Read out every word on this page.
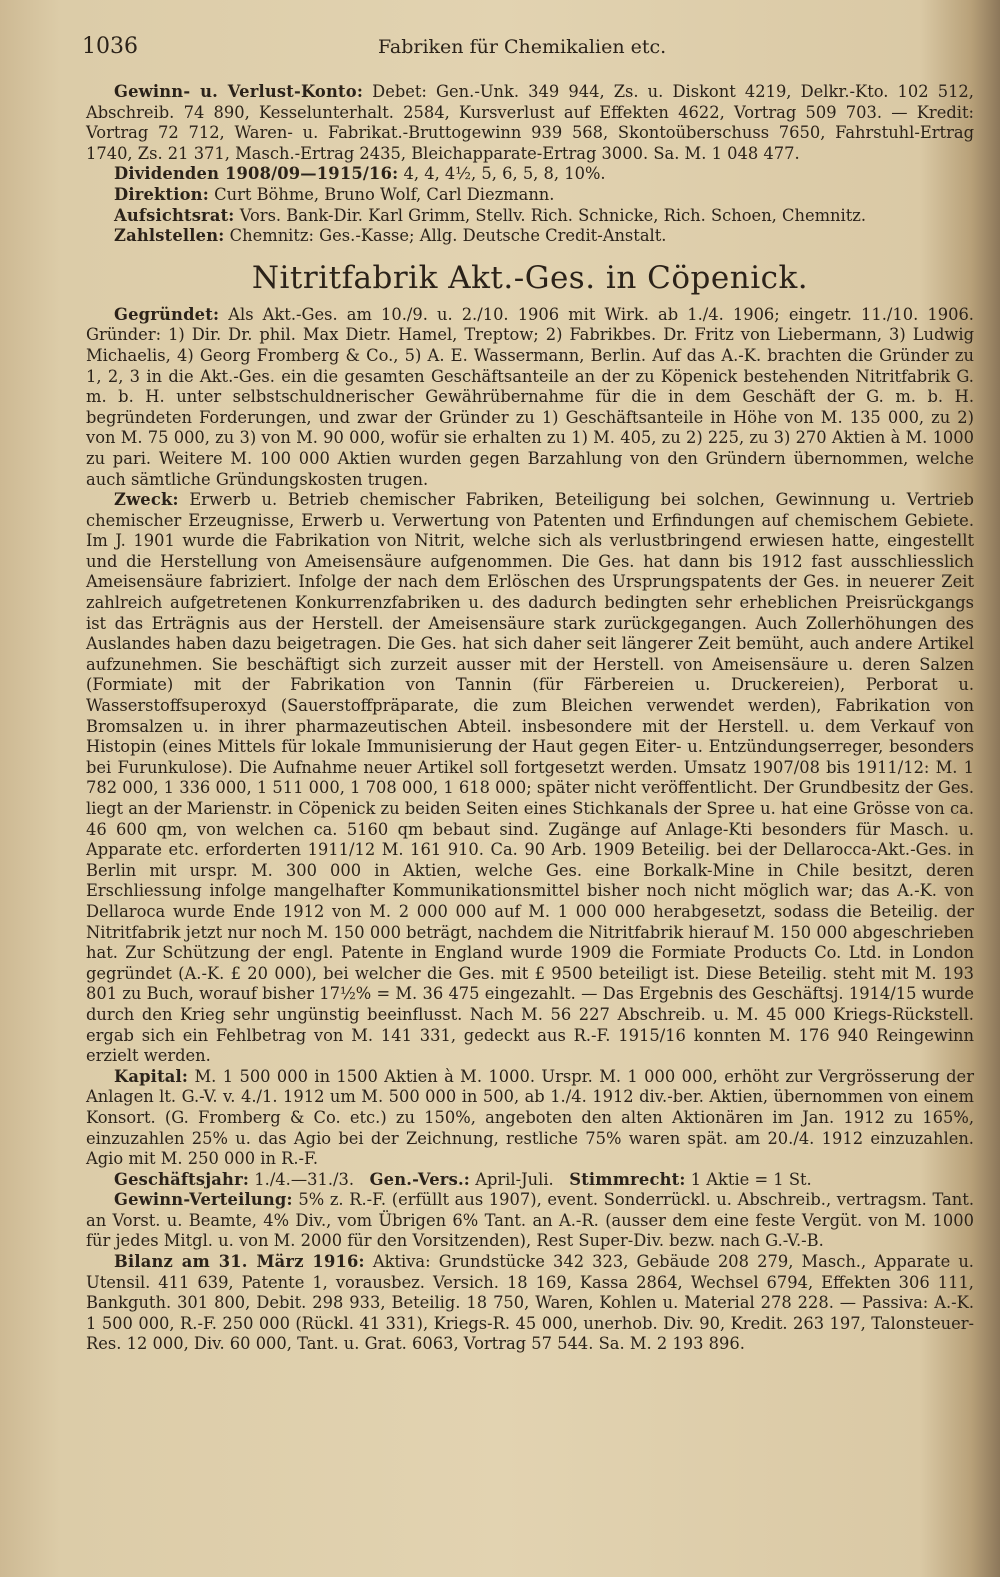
1036	Fabriken für Chemikalien etc.

Gewinn- u. Verlust-Konto: Debet: Gen.-Unk. 349 944, Zs. u. Diskont 4219, Delkr.-Kto. 102 512, Abschreib. 74 890, Kesselunterhalt. 2584, Kursverlust auf Effekten 4622, Vortrag 509 703. — Kredit: Vortrag 72 712, Waren- u. Fabrikat.-Bruttogewinn 939 568, Skontoüberschuss 7650, Fahrstuhl-Ertrag 1740, Zs. 21 371, Masch.-Ertrag 2435, Bleichapparate-Ertrag 3000. Sa. M. 1 048 477.

Dividenden 1908/09—1915/16: 4, 4, 4½, 5, 6, 5, 8, 10%.

Direktion: Curt Böhme, Bruno Wolf, Carl Diezmann.

Aufsichtsrat: Vors. Bank-Dir. Karl Grimm, Stellv. Rich. Schnicke, Rich. Schoen, Chemnitz.

Zahlstellen: Chemnitz: Ges.-Kasse; Allg. Deutsche Credit-Anstalt.

Nitritfabrik Akt.-Ges. in Cöpenick.

Gegründet: Als Akt.-Ges. am 10./9. u. 2./10. 1906 mit Wirk. ab 1./4. 1906; eingetr. 11./10. 1906. Gründer: 1) Dir. Dr. phil. Max Dietr. Hamel, Treptow; 2) Fabrikbes. Dr. Fritz von Liebermann, 3) Ludwig Michaelis, 4) Georg Fromberg & Co., 5) A. E. Wassermann, Berlin. Auf das A.-K. brachten die Gründer zu 1, 2, 3 in die Akt.-Ges. ein die gesamten Geschäftsanteile an der zu Köpenick bestehenden Nitritfabrik G. m. b. H. unter selbstschuldnerischer Gewährübernahme für die in dem Geschäft der G. m. b. H. begründeten Forderungen, und zwar der Gründer zu 1) Geschäftsanteile in Höhe von M. 135 000, zu 2) von M. 75 000, zu 3) von M. 90 000, wofür sie erhalten zu 1) M. 405, zu 2) 225, zu 3) 270 Aktien à M. 1000 zu pari. Weitere M. 100 000 Aktien wurden gegen Barzahlung von den Gründern übernommen, welche auch sämtliche Gründungskosten trugen.

Zweck: Erwerb u. Betrieb chemischer Fabriken, Beteiligung bei solchen, Gewinnung u. Vertrieb chemischer Erzeugnisse, Erwerb u. Verwertung von Patenten und Erfindungen auf chemischem Gebiete. Im J. 1901 wurde die Fabrikation von Nitrit, welche sich als verlustbringend erwiesen hatte, eingestellt und die Herstellung von Ameisensäure aufgenommen. Die Ges. hat dann bis 1912 fast ausschliesslich Ameisensäure fabriziert. Infolge der nach dem Erlöschen des Ursprungspatents der Ges. in neuerer Zeit zahlreich aufgetretenen Konkurrenzfabriken u. des dadurch bedingten sehr erheblichen Preisrückgangs ist das Erträgnis aus der Herstell. der Ameisensäure stark zurückgegangen. Auch Zollerhöhungen des Auslandes haben dazu beigetragen. Die Ges. hat sich daher seit längerer Zeit bemüht, auch andere Artikel aufzunehmen. Sie beschäftigt sich zurzeit ausser mit der Herstell. von Ameisensäure u. deren Salzen (Formiate) mit der Fabrikation von Tannin (für Färbereien u. Druckereien), Perborat u. Wasserstoffsuperoxyd (Sauerstoffpräparate, die zum Bleichen verwendet werden), Fabrikation von Bromsalzen u. in ihrer pharmazeutischen Abteil. insbesondere mit der Herstell. u. dem Verkauf von Histopin (eines Mittels für lokale Immunisierung der Haut gegen Eiter- u. Entzündungserreger, besonders bei Furunkulose). Die Aufnahme neuer Artikel soll fortgesetzt werden. Umsatz 1907/08 bis 1911/12: M. 1 782 000, 1 336 000, 1 511 000, 1 708 000, 1 618 000; später nicht veröffentlicht. Der Grundbesitz der Ges. liegt an der Marienstr. in Cöpenick zu beiden Seiten eines Stichkanals der Spree u. hat eine Grösse von ca. 46 600 qm, von welchen ca. 5160 qm bebaut sind. Zugänge auf Anlage-Kti besonders für Masch. u. Apparate etc. erforderten 1911/12 M. 161 910. Ca. 90 Arb. 1909 Beteilig. bei der Dellarocca-Akt.-Ges. in Berlin mit urspr. M. 300 000 in Aktien, welche Ges. eine Borkalk-Mine in Chile besitzt, deren Erschliessung infolge mangelhafter Kommunikationsmittel bisher noch nicht möglich war; das A.-K. von Dellaroca wurde Ende 1912 von M. 2 000 000 auf M. 1 000 000 herabgesetzt, sodass die Beteilig. der Nitritfabrik jetzt nur noch M. 150 000 beträgt, nachdem die Nitritfabrik hierauf M. 150 000 abgeschrieben hat. Zur Schützung der engl. Patente in England wurde 1909 die Formiate Products Co. Ltd. in London gegründet (A.-K. £ 20 000), bei welcher die Ges. mit £ 9500 beteiligt ist. Diese Beteilig. steht mit M. 193 801 zu Buch, worauf bisher 17½% = M. 36 475 eingezahlt. — Das Ergebnis des Geschäftsj. 1914/15 wurde durch den Krieg sehr ungünstig beeinflusst. Nach M. 56 227 Abschreib. u. M. 45 000 Kriegs-Rückstell. ergab sich ein Fehlbetrag von M. 141 331, gedeckt aus R.-F. 1915/16 konnten M. 176 940 Reingewinn erzielt werden.

Kapital: M. 1 500 000 in 1500 Aktien à M. 1000. Urspr. M. 1 000 000, erhöht zur Vergrösserung der Anlagen lt. G.-V. v. 4./1. 1912 um M. 500 000 in 500, ab 1./4. 1912 div.-ber. Aktien, übernommen von einem Konsort. (G. Fromberg & Co. etc.) zu 150%, angeboten den alten Aktionären im Jan. 1912 zu 165%, einzuzahlen 25% u. das Agio bei der Zeichnung, restliche 75% waren spät. am 20./4. 1912 einzuzahlen. Agio mit M. 250 000 in R.-F.

Geschäftsjahr: 1./4.—31./3. Gen.-Vers.: April-Juli. Stimmrecht: 1 Aktie = 1 St.

Gewinn-Verteilung: 5% z. R.-F. (erfüllt aus 1907), event. Sonderrückl. u. Abschreib., vertragsm. Tant. an Vorst. u. Beamte, 4% Div., vom Übrigen 6% Tant. an A.-R. (ausser dem eine feste Vergüt. von M. 1000 für jedes Mitgl. u. von M. 2000 für den Vorsitzenden), Rest Super-Div. bezw. nach G.-V.-B.

Bilanz am 31. März 1916: Aktiva: Grundstücke 342 323, Gebäude 208 279, Masch., Apparate u. Utensil. 411 639, Patente 1, vorausbez. Versich. 18 169, Kassa 2864, Wechsel 6794, Effekten 306 111, Bankguth. 301 800, Debit. 298 933, Beteilig. 18 750, Waren, Kohlen u. Material 278 228. — Passiva: A.-K. 1 500 000, R.-F. 250 000 (Rückl. 41 331), Kriegs-R. 45 000, unerhob. Div. 90, Kredit. 263 197, Talonsteuer-Res. 12 000, Div. 60 000, Tant. u. Grat. 6063, Vortrag 57 544. Sa. M. 2 193 896.
